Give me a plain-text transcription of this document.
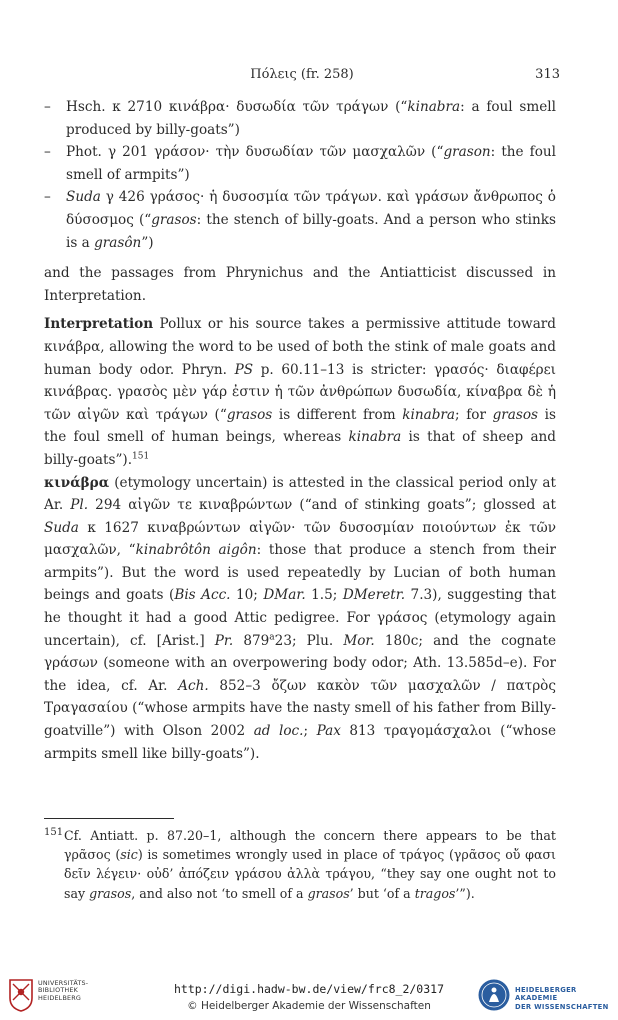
Πόλεις (fr. 258)	313
– Hsch. κ 2710 κινάβρα· δυσωδία τῶν τράγων (“kinabra: a foul smell produced by billy-goats”)
– Phot. γ 201 γράσον· τὴν δυσωδίαν τῶν μασχαλῶν (“grason: the foul smell of armpits”)
– Suda γ 426 γράσος· ἡ δυσοσμία τῶν τράγων. καὶ γράσων ἄνθρωπος ὁ δύσοσμος (“grasos: the stench of billy-goats. And a person who stinks is a grasôn”)

and the passages from Phrynichus and the Antiatticist discussed in Interpretation.

Interpretation Pollux or his source takes a permissive attitude toward κινάβρα, allowing the word to be used of both the stink of male goats and human body odor. Phryn. PS p. 60.11–13 is stricter: γρασός· διαφέρει κινάβρας. γρασὸς μὲν γάρ ἐστιν ἡ τῶν ἀνθρώπων δυσωδία, κίναβρα δὲ ἡ τῶν αἰγῶν καὶ τράγων (“grasos is different from kinabra; for grasos is the foul smell of human beings, whereas kinabra is that of sheep and billy-goats”).$^{151}$

κινάβρα (etymology uncertain) is attested in the classical period only at Ar. Pl. 294 αἰγῶν τε κιναβρώντων (“and of stinking goats”; glossed at Suda κ 1627 κιναβρώντων αἰγῶν· τῶν δυσοσμίαν ποιούντων ἐκ τῶν μασχαλῶν, “kinabrôtôn aigôn: those that produce a stench from their armpits”). But the word is used repeatedly by Lucian of both human beings and goats (Bis Acc. 10; DMar. 1.5; DMeretr. 7.3), suggesting that he thought it had a good Attic pedigree. For γράσος (etymology again uncertain), cf. [Arist.] Pr. 879$^a$23; Plu. Mor. 180c; and the cognate γράσων (someone with an overpowering body odor; Ath. 13.585d–e). For the idea, cf. Ar. Ach. 852–3 ὄζων κακὸν τῶν μασχαλῶν / πατρὸς Τραγασαίου (“whose armpits have the nasty smell of his father from Billy-goatville”) with Olson 2002 ad loc.; Pax 813 τραγομάσχαλοι (“whose armpits smell like billy-goats”).

151 Cf. Antiatt. p. 87.20–1, although the concern there appears to be that γρᾶσος (sic) is sometimes wrongly used in place of τράγος (γρᾶσος οὔ φασι δεῖν λέγειν· οὐδ’ ἀπόζειν γράσου ἀλλὰ τράγου, “they say one ought not to say grasos, and also not ‘to smell of a grasos’ but ‘of a tragos’”).
UNIVERSITÄTS-
BIBLIOTHEK
HEIDELBERG
http://digi.hadw-bw.de/view/frc8_2/0317
© Heidelberger Akademie der Wissenschaften
HEIDELBERGER AKADEMIE
DER WISSENSCHAFTEN
